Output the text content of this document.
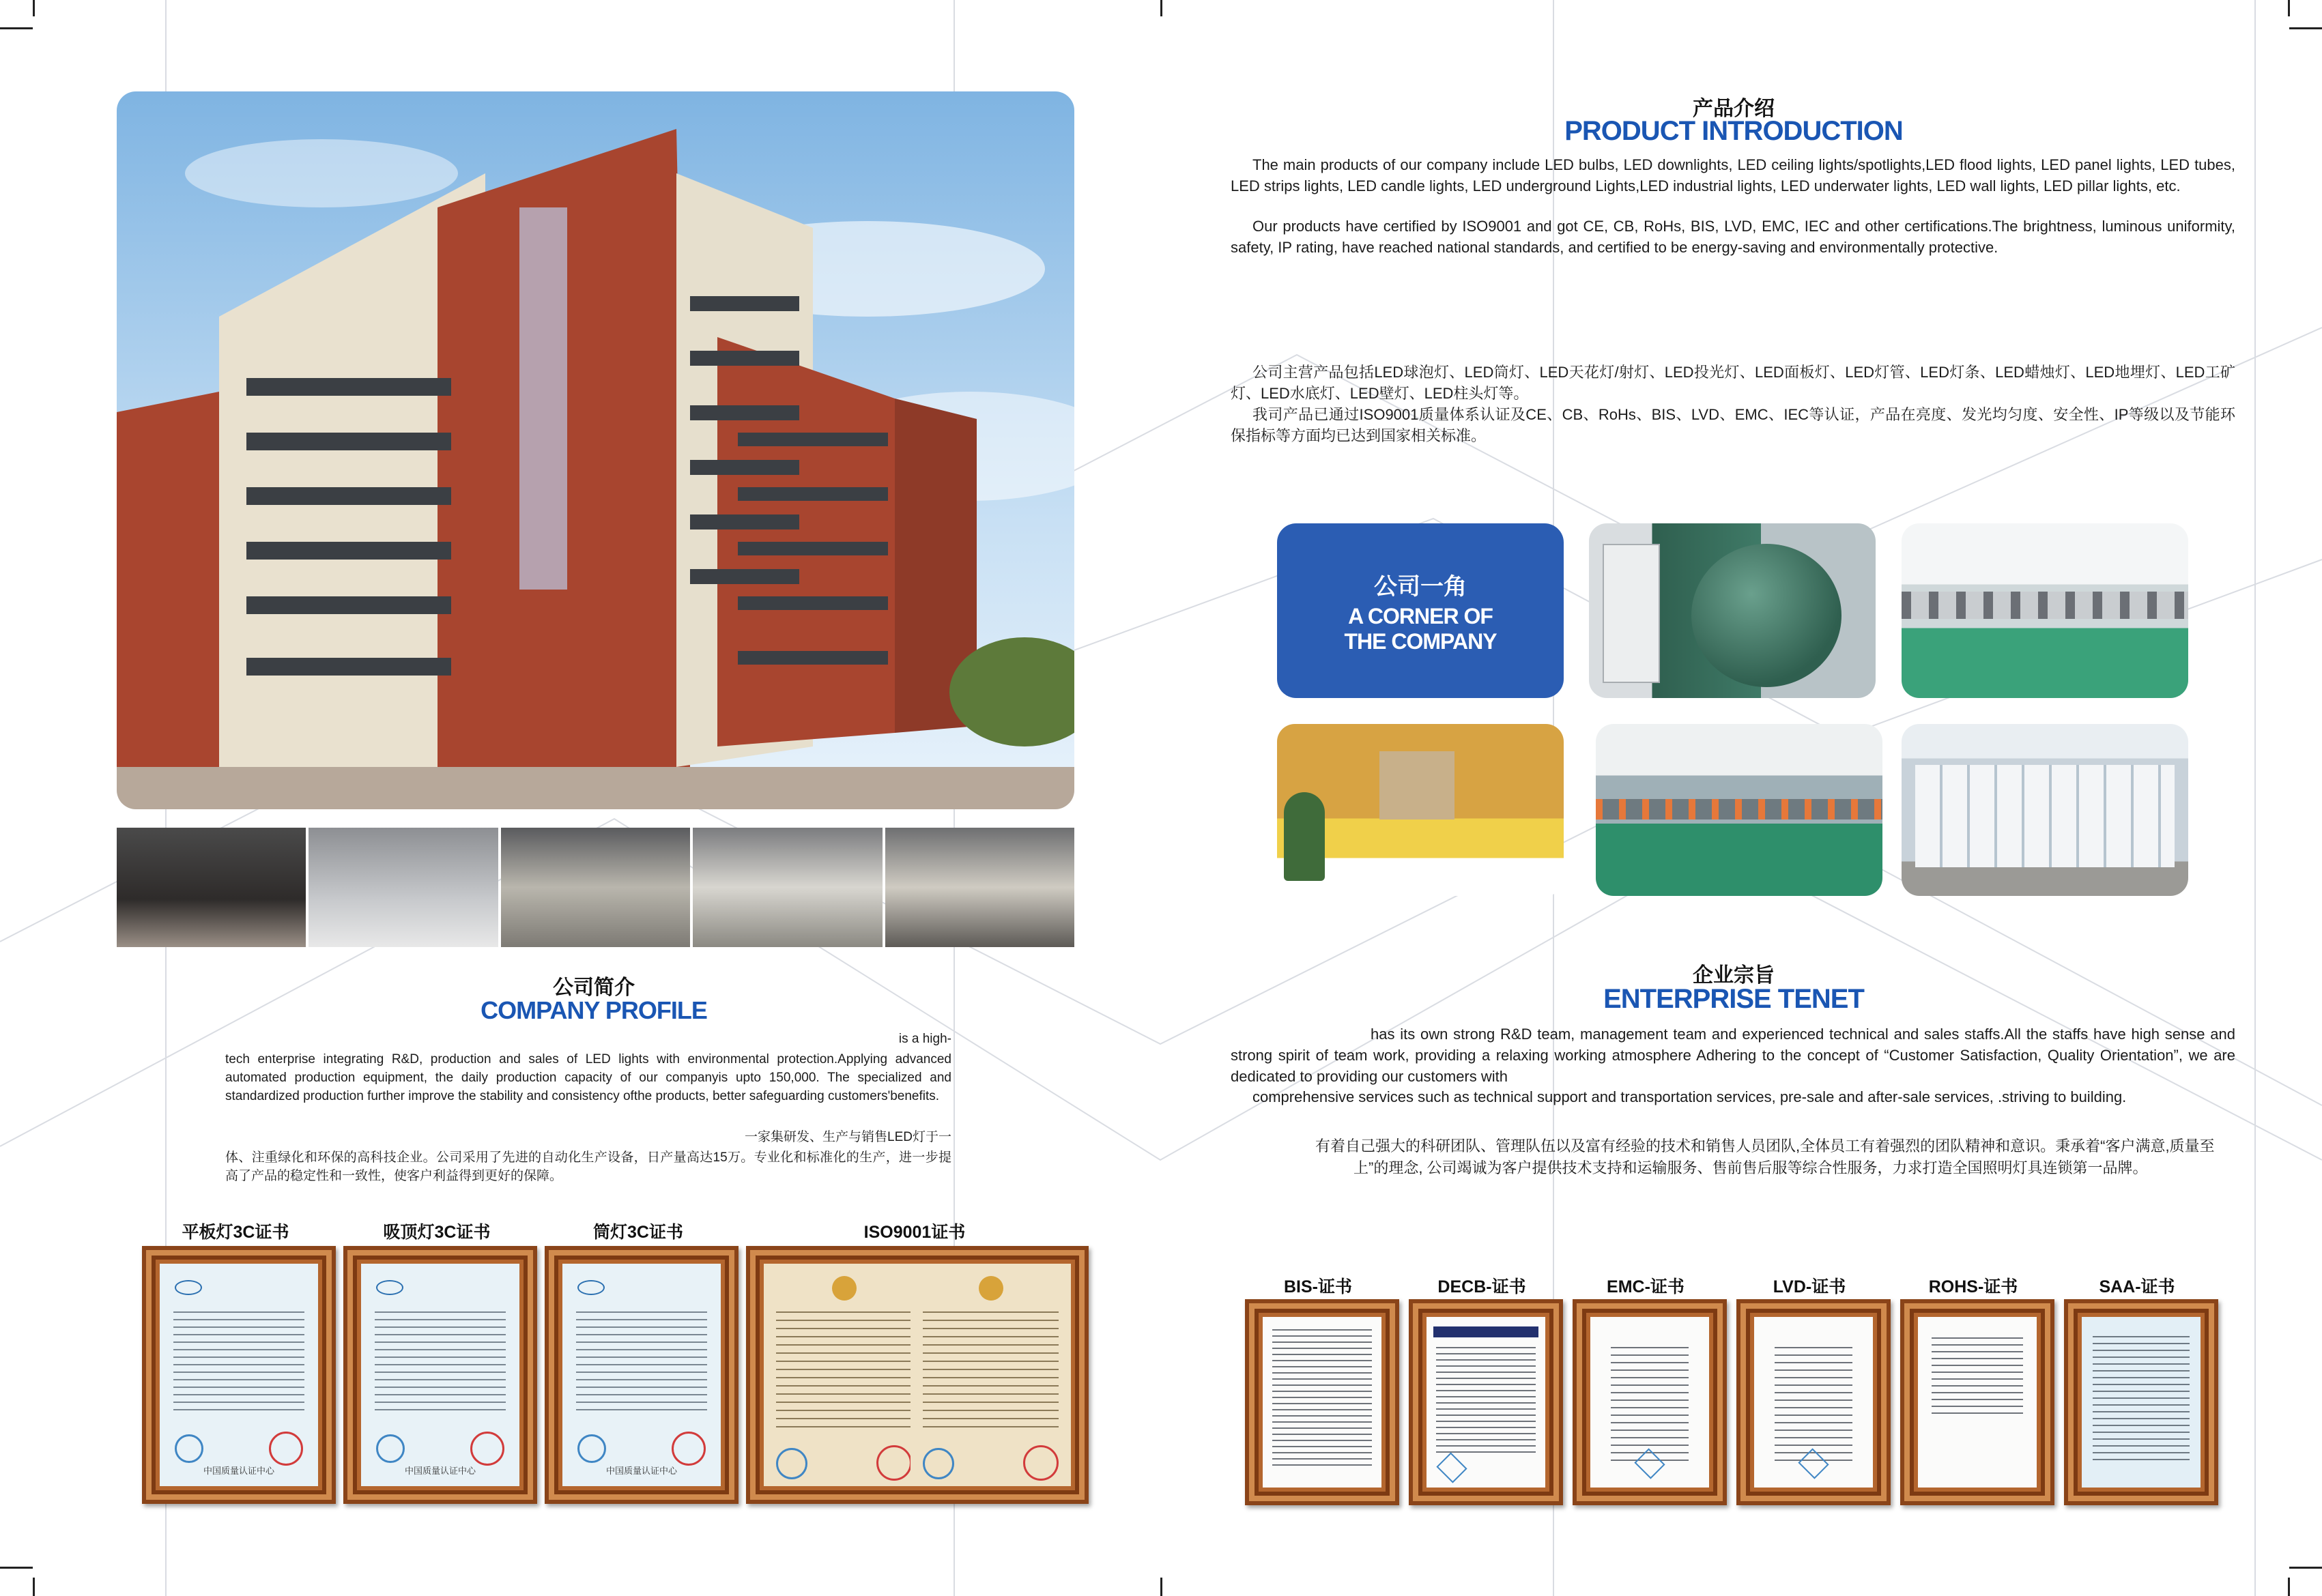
公司简介
COMPANY PROFILE
is a high-
tech enterprise integrating R&D, production and sales of LED lights with environmental protection.Applying advanced automated production equipment, the daily production capacity of our companyis upto 150,000. The specialized and standardized production further improve the stability and consistency ofthe products, better safeguarding customers'benefits.
一家集研发、生产与销售LED灯于一
体、注重绿化和环保的高科技企业。公司采用了先进的自动化生产设备，日产量高达15万。专业化和标准化的生产，进一步提高了产品的稳定性和一致性，使客户利益得到更好的保障。
平板灯3C证书	吸顶灯3C证书	筒灯3C证书	ISO9001证书
中国质量认证中心	中国质量认证中心	中国质量认证中心
产品介绍
PRODUCT INTRODUCTION
The main products of our company include LED bulbs, LED downlights, LED ceiling lights/spotlights,LED flood lights, LED panel lights, LED tubes, LED strips lights, LED candle lights, LED underground Lights,LED industrial lights, LED underwater lights, LED wall lights, LED pillar lights, etc.
Our products have certified by ISO9001 and got CE, CB, RoHs, BIS, LVD, EMC, IEC and other certifications.The brightness, luminous uniformity, safety, IP rating, have reached national standards, and certified to be energy-saving and environmentally protective.
公司主营产品包括LED球泡灯、LED筒灯、LED天花灯/射灯、LED投光灯、LED面板灯、LED灯管、LED灯条、LED蜡烛灯、LED地埋灯、LED工矿灯、LED水底灯、LED壁灯、LED柱头灯等。
我司产品已通过ISO9001质量体系认证及CE、CB、RoHs、BIS、LVD、EMC、IEC等认证，产品在亮度、发光均匀度、安全性、IP等级以及节能环保指标等方面均已达到国家相关标准。
公司一角
A CORNER OF
THE COMPANY
企业宗旨
ENTERPRISE TENET
has its own strong R&D team, management team and experienced technical and sales staffs.All the staffs have high sense and strong spirit of team work, providing a relaxing working atmosphere Adhering to the concept of “Customer Satisfaction, Quality Orientation”, we are dedicated to providing our customers with
comprehensive services such as technical support and transportation services, pre-sale and after-sale services, .striving to building.
有着自己强大的科研团队、管理队伍以及富有经验的技术和销售人员团队,全体员工有着强烈的团队精神和意识。秉承着“客户满意,质量至
上”的理念, 公司竭诚为客户提供技术支持和运输服务、售前售后服等综合性服务，力求打造全国照明灯具连锁第一品牌。
BIS-证书	DECB-证书	EMC-证书	LVD-证书	ROHS-证书	SAA-证书
